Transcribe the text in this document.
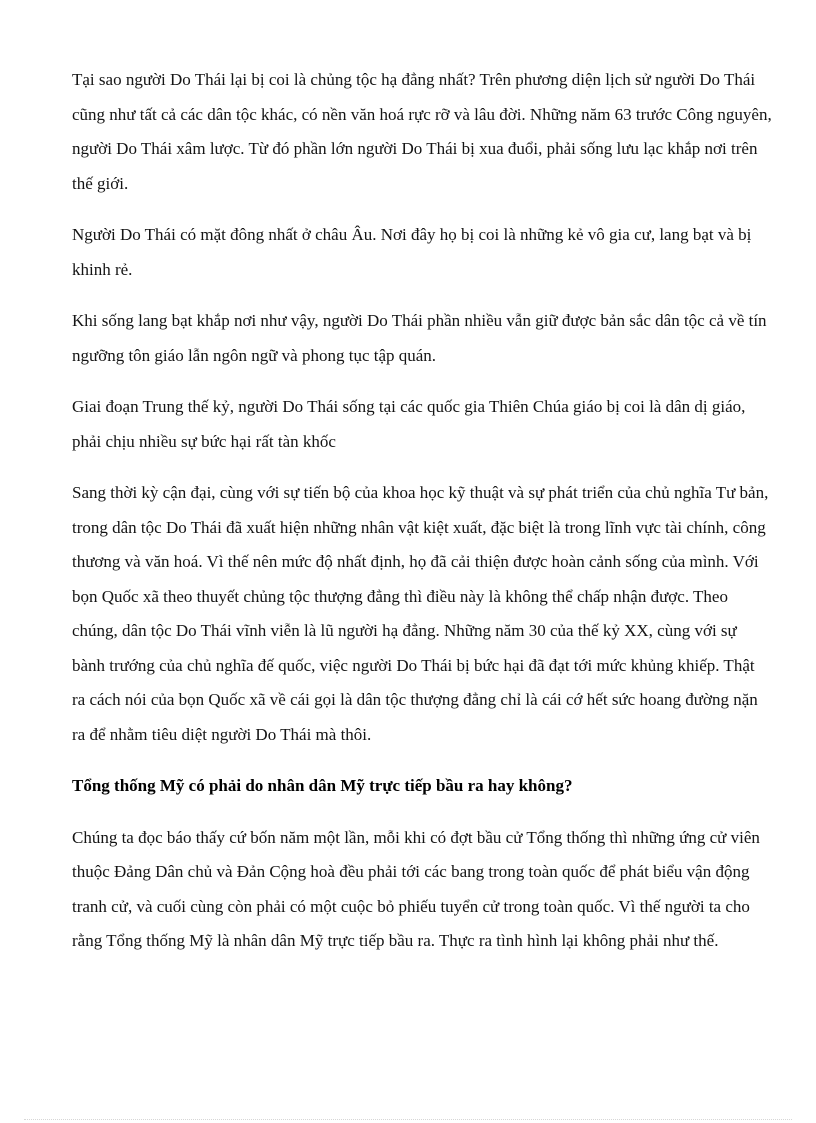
Tại sao người Do Thái lại bị coi là chủng tộc hạ đẳng nhất? Trên phương diện lịch sử người Do Thái cũng như tất cả các dân tộc khác, có nền văn hoá rực rỡ và lâu đời. Những năm 63 trước Công nguyên, người Do Thái xâm lược. Từ đó phần lớn người Do Thái bị xua đuổi, phải sống lưu lạc khắp nơi trên thế giới.

Người Do Thái có mặt đông nhất ở châu Âu. Nơi đây họ bị coi là những kẻ vô gia cư, lang bạt và bị khinh rẻ.

Khi sống lang bạt khắp nơi như vậy, người Do Thái phần nhiều vẫn giữ được bản sắc dân tộc cả về tín ngưỡng tôn giáo lẫn ngôn ngữ và phong tục tập quán.

Giai đoạn Trung thế kỷ, người Do Thái sống tại các quốc gia Thiên Chúa giáo bị coi là dân dị giáo, phải chịu nhiều sự bức hại rất tàn khốc

Sang thời kỳ cận đại, cùng với sự tiến bộ của khoa học kỹ thuật và sự phát triển của chủ nghĩa Tư bản, trong dân tộc Do Thái đã xuất hiện những nhân vật kiệt xuất, đặc biệt là trong lĩnh vực tài chính, công thương và văn hoá. Vì thế nên mức độ nhất định, họ đã cải thiện được hoàn cảnh sống của mình. Với bọn Quốc xã theo thuyết chủng tộc thượng đẳng thì điều này là không thể chấp nhận được. Theo chúng, dân tộc Do Thái vĩnh viễn là lũ người hạ đẳng. Những năm 30 của thế kỷ XX, cùng với sự bành trướng của chủ nghĩa đế quốc, việc người Do Thái bị bức hại đã đạt tới mức khủng khiếp. Thật ra cách nói của bọn Quốc xã về cái gọi là dân tộc thượng đẳng chỉ là cái cớ hết sức hoang đường nặn ra để nhằm tiêu diệt người Do Thái mà thôi.

Tổng thống Mỹ có phải do nhân dân Mỹ trực tiếp bầu ra hay không?

Chúng ta đọc báo thấy cứ bốn năm một lần, mỗi khi có đợt bầu cử Tổng thống thì những ứng cử viên thuộc Đảng Dân chủ và Đản Cộng hoà đều phải tới các bang trong toàn quốc để phát biểu vận động tranh cử, và cuối cùng còn phải có một cuộc bỏ phiếu tuyển cử trong toàn quốc. Vì thế người ta cho rằng Tổng thống Mỹ là nhân dân Mỹ trực tiếp bầu ra. Thực ra tình hình lại không phải như thế.
